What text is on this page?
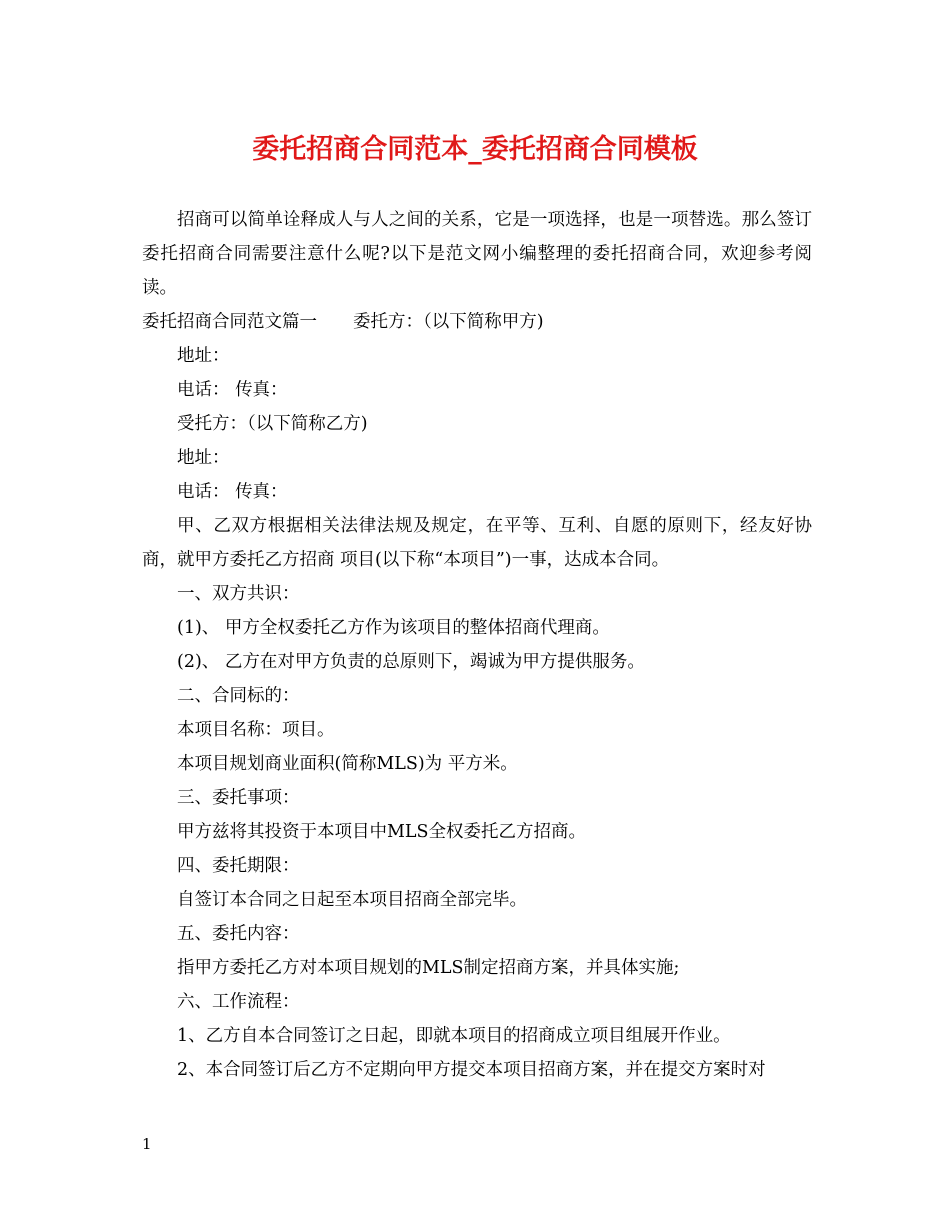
委托招商合同范本_委托招商合同模板

招商可以简单诠释成人与人之间的关系，它是一项选择，也是一项替选。那么签订委托招商合同需要注意什么呢?以下是范文网小编整理的委托招商合同，欢迎参考阅读。

委托招商合同范文篇一 委托方：（以下简称甲方)

地址：

电话： 传真：

受托方：（以下简称乙方)

地址：

电话： 传真：

甲、乙双方根据相关法律法规及规定，在平等、互利、自愿的原则下，经友好协商，就甲方委托乙方招商 项目(以下称“本项目”)一事，达成本合同。

一、双方共识：

(1)、 甲方全权委托乙方作为该项目的整体招商代理商。

(2)、 乙方在对甲方负责的总原则下，竭诚为甲方提供服务。

二、合同标的：

本项目名称：项目。

本项目规划商业面积(简称MLS)为 平方米。

三、委托事项：

甲方兹将其投资于本项目中MLS全权委托乙方招商。

四、委托期限：

自签订本合同之日起至本项目招商全部完毕。

五、委托内容：

指甲方委托乙方对本项目规划的MLS制定招商方案，并具体实施;

六、工作流程：

1、乙方自本合同签订之日起，即就本项目的招商成立项目组展开作业。

2、本合同签订后乙方不定期向甲方提交本项目招商方案，并在提交方案时对

1
